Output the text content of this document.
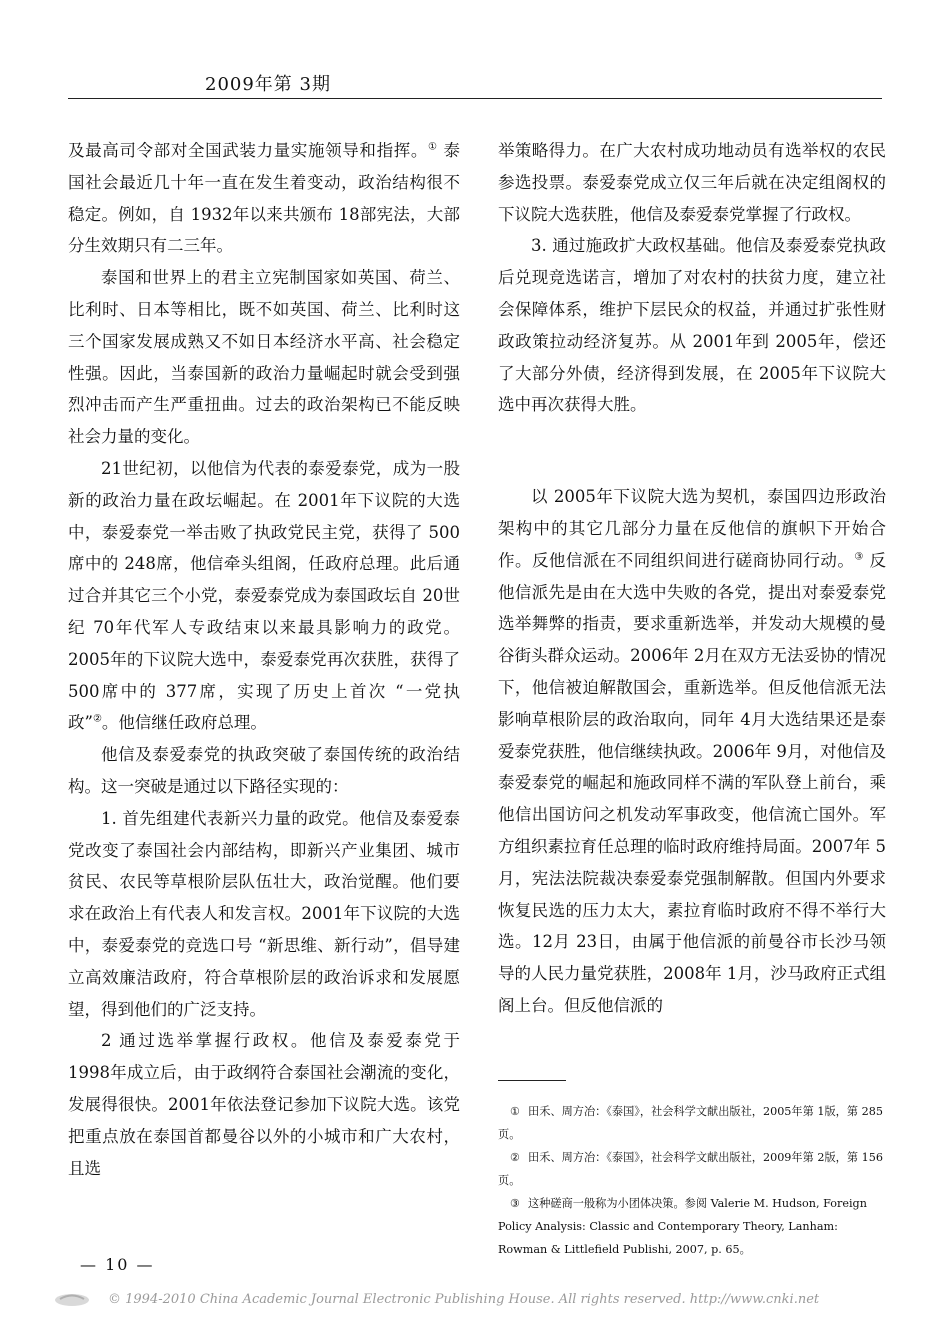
2009年第 3期

及最高司令部对全国武装力量实施领导和指挥。① 泰国社会最近几十年一直在发生着变动，政治结构很不稳定。例如，自 1932年以来共颁布 18部宪法，大部分生效期只有二三年。

泰国和世界上的君主立宪制国家如英国、荷兰、比利时、日本等相比，既不如英国、荷兰、比利时这三个国家发展成熟又不如日本经济水平高、社会稳定性强。因此，当泰国新的政治力量崛起时就会受到强烈冲击而产生严重扭曲。过去的政治架构已不能反映社会力量的变化。

21世纪初，以他信为代表的泰爱泰党，成为一股新的政治力量在政坛崛起。在 2001年下议院的大选中，泰爱泰党一举击败了执政党民主党，获得了 500席中的 248席，他信牵头组阁，任政府总理。此后通过合并其它三个小党，泰爱泰党成为泰国政坛自 20世纪 70年代军人专政结束以来最具影响力的政党。2005年的下议院大选中，泰爱泰党再次获胜，获得了 500席中的 377席，实现了历史上首次 “一党执政”②。他信继任政府总理。

他信及泰爱泰党的执政突破了泰国传统的政治结构。这一突破是通过以下路径实现的：

1. 首先组建代表新兴力量的政党。他信及泰爱泰党改变了泰国社会内部结构，即新兴产业集团、城市贫民、农民等草根阶层队伍壮大，政治觉醒。他们要求在政治上有代表人和发言权。2001年下议院的大选中，泰爱泰党的竞选口号 “新思维、新行动”，倡导建立高效廉洁政府，符合草根阶层的政治诉求和发展愿望，得到他们的广泛支持。

2 通过选举掌握行政权。他信及泰爱泰党于 1998年成立后，由于政纲符合泰国社会潮流的变化，发展得很快。2001年依法登记参加下议院大选。该党把重点放在泰国首都曼谷以外的小城市和广大农村，且选

举策略得力。在广大农村成功地动员有选举权的农民参选投票。泰爱泰党成立仅三年后就在决定组阁权的下议院大选获胜，他信及泰爱泰党掌握了行政权。

3. 通过施政扩大政权基础。他信及泰爱泰党执政后兑现竞选诺言，增加了对农村的扶贫力度，建立社会保障体系，维护下层民众的权益，并通过扩张性财政政策拉动经济复苏。从 2001年到 2005年，偿还了大部分外债，经济得到发展，在 2005年下议院大选中再次获得大胜。

以 2005年下议院大选为契机，泰国四边形政治架构中的其它几部分力量在反他信的旗帜下开始合作。反他信派在不同组织间进行磋商协同行动。③ 反他信派先是由在大选中失败的各党，提出对泰爱泰党选举舞弊的指责，要求重新选举，并发动大规模的曼谷街头群众运动。2006年 2月在双方无法妥协的情况下，他信被迫解散国会，重新选举。但反他信派无法影响草根阶层的政治取向，同年 4月大选结果还是泰爱泰党获胜，他信继续执政。2006年 9月，对他信及泰爱泰党的崛起和施政同样不满的军队登上前台，乘他信出国访问之机发动军事政变，他信流亡国外。军方组织素拉育任总理的临时政府维持局面。2007年 5月，宪法法院裁决泰爱泰党强制解散。但国内外要求恢复民选的压力太大，素拉育临时政府不得不举行大选。12月 23日，由属于他信派的前曼谷市长沙马领导的人民力量党获胜，2008年 1月，沙马政府正式组阁上台。但反他信派的

① 田禾、周方冶：《泰国》，社会科学文献出版社，2005年第 1版，第 285页。

② 田禾、周方冶：《泰国》，社会科学文献出版社，2009年第 2版，第 156页。

③ 这种磋商一般称为小团体决策。参阅 Valerie M. Hudson, Foreign Policy Analysis: Classic and Contemporary Theory, Lanham: Rowman & Littlefield Publishi, 2007, p. 65。

— 10 —
© 1994-2010 China Academic Journal Electronic Publishing House. All rights reserved. http://www.cnki.net
